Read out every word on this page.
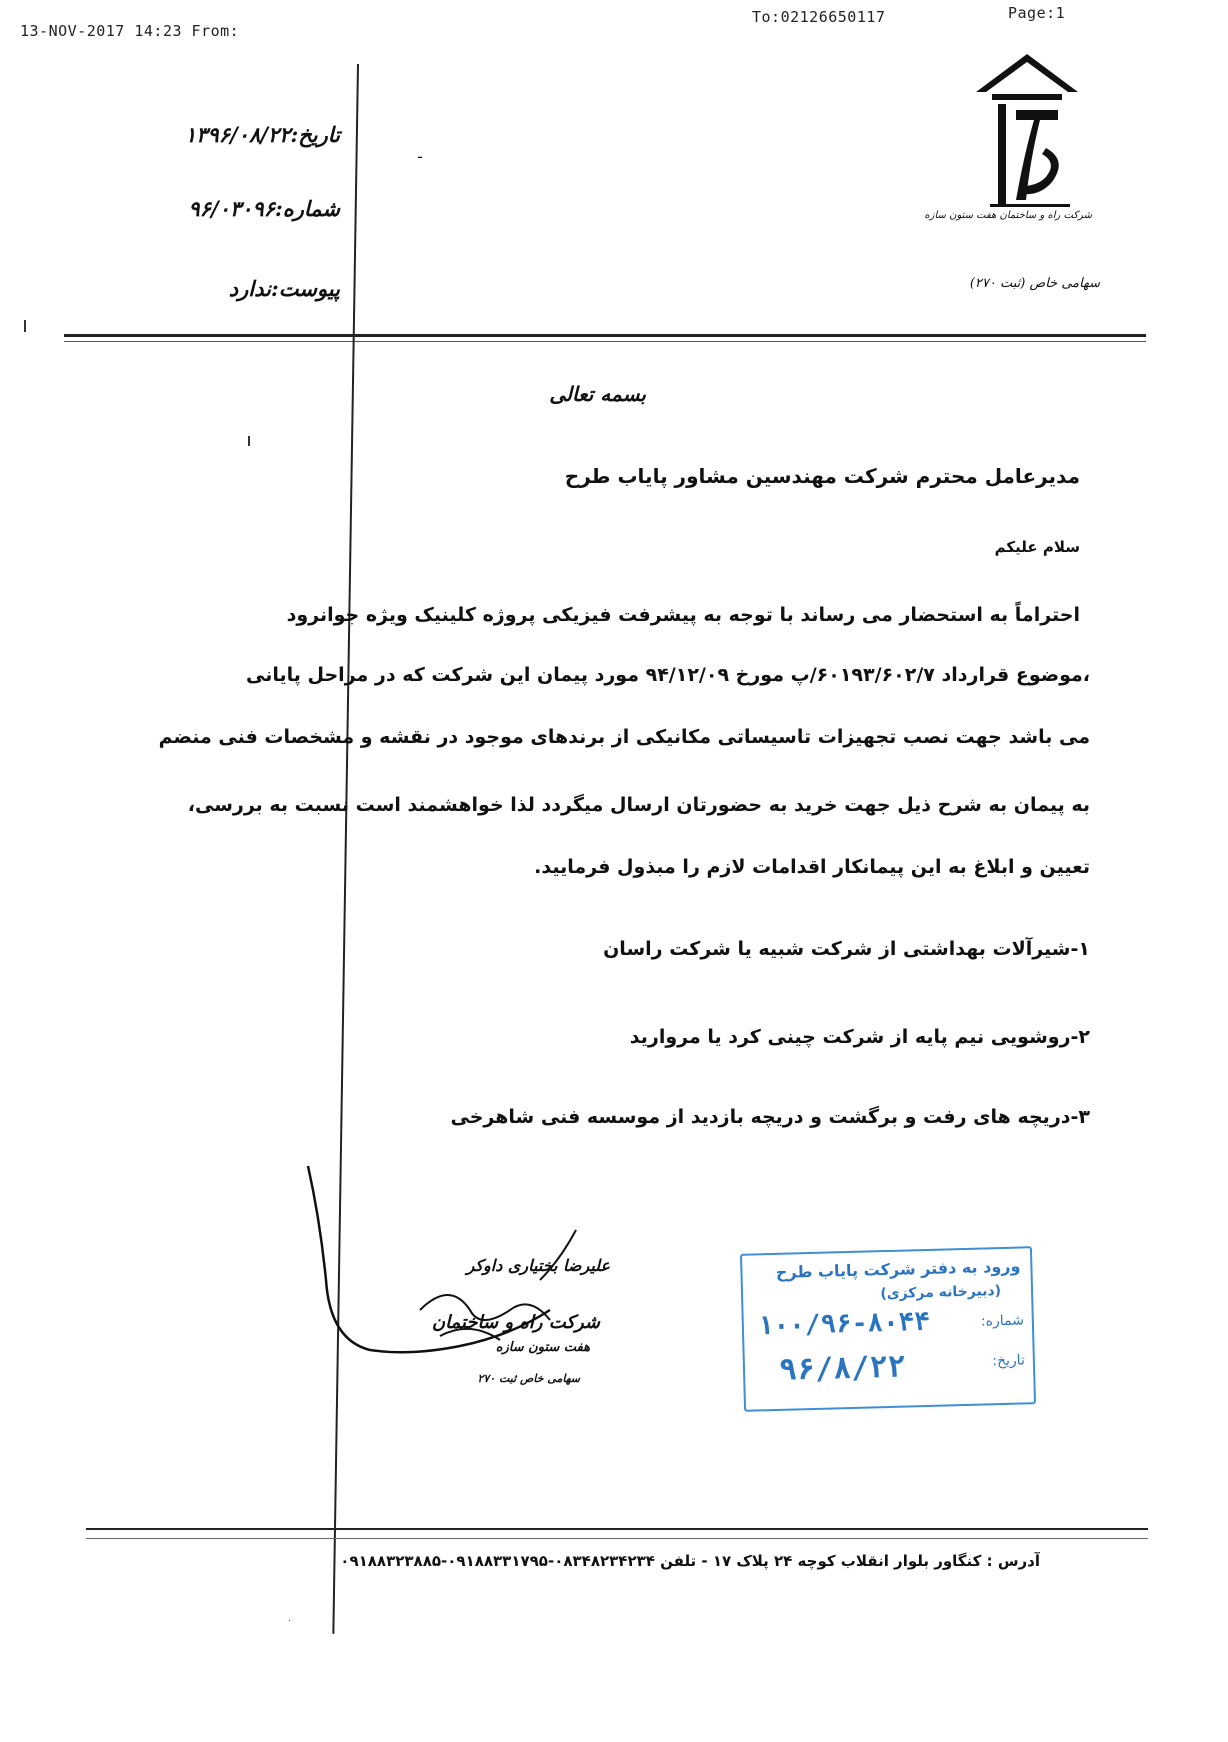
13-NOV-2017 14:23 From:
To:02126650117	Page:1
شرکت راه و ساختمان هفت ستون سازه
سهامی خاص (ثبت ۲۷۰)
تاریخ:۱۳۹۶/۰۸/۲۲
شماره:۹۶/۰۳۰۹۶
پیوست:ندارد
ـ
بسمه تعالی
مدیرعامل محترم شرکت مهندسین مشاور پایاب طرح
سلام علیکم
احتراماً به استحضار می رساند با توجه به پیشرفت فیزیکی پروژه کلینیک ویژه جوانرود
،موضوع قرارداد ۶۰۱۹۳/۶۰۲/۷/پ مورخ ۹۴/۱۲/۰۹ مورد پیمان این شرکت که در مراحل پایانی
می باشد جهت نصب تجهیزات تاسیساتی مکانیکی از برندهای موجود در نقشه و مشخصات فنی منضم
به پیمان به شرح ذیل جهت خرید به حضورتان ارسال میگردد لذا خواهشمند است نسبت به بررسی،
تعیین و ابلاغ به این پیمانکار اقدامات لازم را مبذول فرمایید.
۱-شیرآلات بهداشتی از شرکت شبیه یا شرکت راسان
۲-روشویی نیم پایه از شرکت چینی کرد یا مروارید
۳-دریچه های رفت و برگشت و دریچه بازدید از موسسه فنی شاهرخی
علیرضا بختیاری داوکر
شرکت راه و ساختمان
هفت ستون سازه
سهامی خاص ثبت ۲۷۰
ورود به دفتر شرکت پایاب طرح
(دبیرخانه مرکزی)
شماره:
۱۰۰/۹۶-۸۰۴۴
تاریخ:
۹۶/۸/۲۲
آدرس : کنگاور بلوار انقلاب کوچه ۲۴ پلاک ۱۷ - تلفن ۰۸۳۴۸۲۳۴۲۳۴-۰۹۱۸۸۳۳۱۷۹۵-۰۹۱۸۸۳۲۳۸۸۵
·
